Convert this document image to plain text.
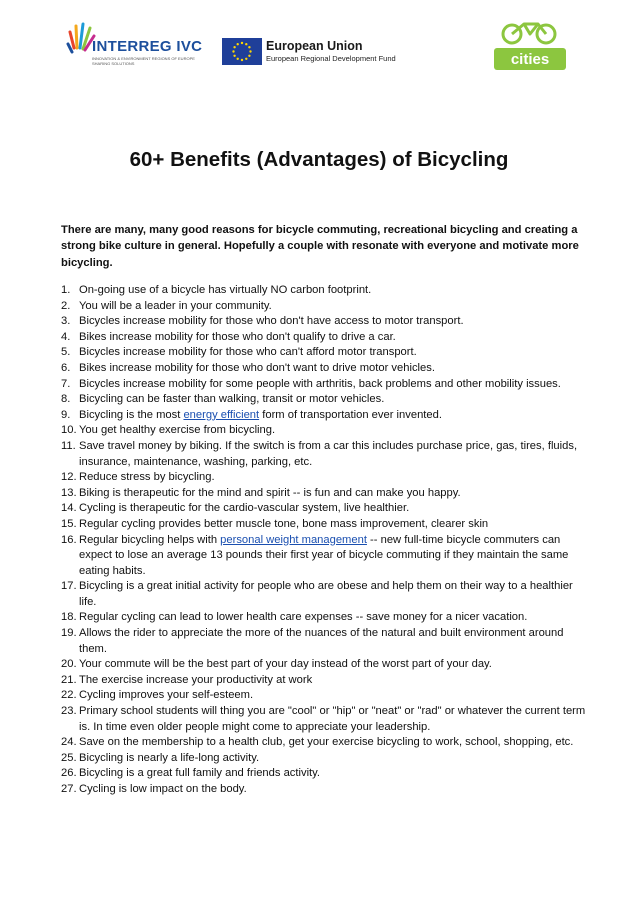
INTERREG IVC
INNOVATION & ENVIRONMENT REGIONS OF EUROPE SHARING SOLUTIONS
European Union
European Regional Development Fund	cities
60+ Benefits (Advantages) of Bicycling

There are many, many good reasons for bicycle commuting, recreational bicycling and creating a strong bike culture in general. Hopefully a couple with resonate with everyone and motivate more bicycling.

1. On-going use of a bicycle has virtually NO carbon footprint.
2. You will be a leader in your community.
3. Bicycles increase mobility for those who don't have access to motor transport.
4. Bikes increase mobility for those who don't qualify to drive a car.
5. Bicycles increase mobility for those who can't afford motor transport.
6. Bikes increase mobility for those who don't want to drive motor vehicles.
7. Bicycles increase mobility for some people with arthritis, back problems and other mobility issues.
8. Bicycling can be faster than walking, transit or motor vehicles.
9. Bicycling is the most energy efficient form of transportation ever invented.
10. You get healthy exercise from bicycling.
11. Save travel money by biking. If the switch is from a car this includes purchase price, gas, tires, fluids, insurance, maintenance, washing, parking, etc.
12. Reduce stress by bicycling.
13. Biking is therapeutic for the mind and spirit -- is fun and can make you happy.
14. Cycling is therapeutic for the cardio-vascular system, live healthier.
15. Regular cycling provides better muscle tone, bone mass improvement, clearer skin
16. Regular bicycling helps with personal weight management -- new full-time bicycle commuters can expect to lose an average 13 pounds their first year of bicycle commuting if they maintain the same eating habits.
17. Bicycling is a great initial activity for people who are obese and help them on their way to a healthier life.
18. Regular cycling can lead to lower health care expenses -- save money for a nicer vacation.
19. Allows the rider to appreciate the more of the nuances of the natural and built environment around them.
20. Your commute will be the best part of your day instead of the worst part of your day.
21. The exercise increase your productivity at work
22. Cycling improves your self-esteem.
23. Primary school students will thing you are "cool" or "hip" or "neat" or "rad" or whatever the current term is. In time even older people might come to appreciate your leadership.
24. Save on the membership to a health club, get your exercise bicycling to work, school, shopping, etc.
25. Bicycling is nearly a life-long activity.
26. Bicycling is a great full family and friends activity.
27. Cycling is low impact on the body.
